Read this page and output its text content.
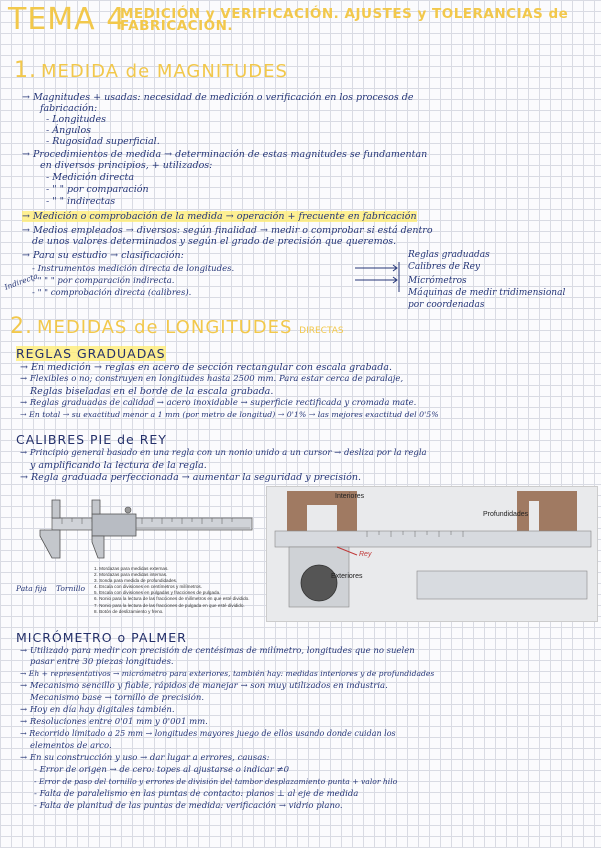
TEMA 4
MEDICIÓN y VERIFICACIÓN. AJUSTES y TOLERANCIAS de FABRICACIÓN.
1. MEDIDA de MAGNITUDES
→ Magnitudes + usadas: necesidad de medición o verificación en los procesos de
fabricación:
- Longitudes
- Ángulos
- Rugosidad superficial.
→ Procedimientos de medida → determinación de estas magnitudes se fundamentan
en diversos principios, + utilizados:
- Medición directa
- " " por comparación
- " " indirectas
→ Medición o comprobación de la medida → operación + frecuente en fabricación
→ Medios empleados → diversos: según finalidad → medir o comprobar si está dentro
de unos valores determinados y según el grado de precisión que queremos.
→ Para su estudio → clasificación:
- Instrumentos medición directa de longitudes.
- " " " por comparación indirecta.
- " " comprobación directa (calibres).
Indirecta
Reglas graduadas
Calibres de Rey
Micrómetros
Máquinas de medir tridimensional
por coordenadas
2. MEDIDAS de LONGITUDES DIRECTAS
REGLAS GRADUADAS
→ En medición → reglas en acero de sección rectangular con escala grabada.
→ Flexibles o no; construyen en longitudes hasta 2500 mm. Para estar cerca de paralaje,
Reglas biseladas en el borde de la escala grabada.
→ Reglas graduadas de calidad → acero inoxidable → superficie rectificada y cromada mate.
→ En total → su exactitud menor a 1 mm (por metro de longitud) → 0'1% → las mejores exactitud del 0'5%
CALIBRES PIE de REY
→ Principio general basado en una regla con un nonio unido a un cursor → desliza por la regla
y amplificando la lectura de la regla.
→ Regla graduada perfeccionada → aumentar la seguridad y precisión.
1. Mordazas para medidas externas.
2. Mordazas para medidas internas.
3. Sonda para medida de profundidades.
4. Escala con divisiones en centímetros y milímetros.
5. Escala con divisiones en pulgadas y fracciones de pulgada.
6. Nonio para la lectura de las fracciones de milímetros en que esté dividido.
7. Nonio para la lectura de las fracciones de pulgada en que esté dividido.
8. Botón de deslizamiento y freno.
Pata fija Tornillo
Interiores
Profundidades
Exteriores
Rey
MICRÓMETRO o PALMER
→ Utilizado para medir con precisión de centésimas de milímetro, longitudes que no suelen
pasar entre 30 piezas longitudes.
→ Eh + representativos → micrómetro para exteriores, también hay: medidas interiores y de profundidades
→ Mecanismo sencillo y fiable, rápidos de manejar → son muy utilizados en industria.
Mecanismo base → tornillo de precisión.
→ Hoy en día hay digitales también.
→ Resoluciones entre 0'01 mm y 0'001 mm.
→ Recorrido limitado a 25 mm → longitudes mayores juego de ellos usando donde cuidan los
elementos de arco.
→ En su construcción y uso → dar lugar a errores, causas:
- Error de origen → de cero: topes al ajustarse o indicar ≠0
- Error de paso del tornillo y errores de división del tambor desplazamiento punta + valor hilo
- Falta de paralelismo en las puntas de contacto: planos ⊥ al eje de medida
- Falta de planitud de las puntas de medida: verificación → vidrio plano.
